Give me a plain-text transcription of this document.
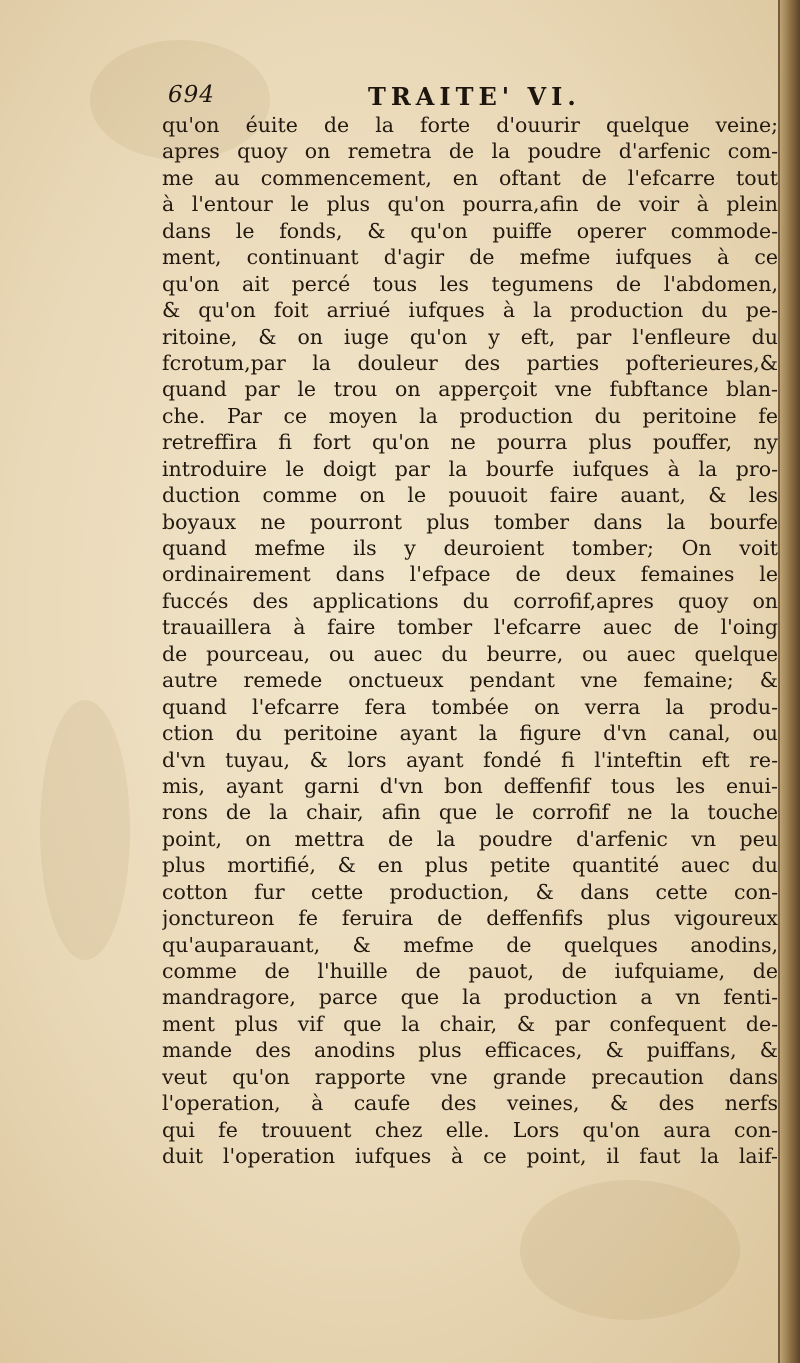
694	TRAITE' VI.
qu'on éuite de la forte d'ouurir quelque veine;
apres quoy on remetra de la poudre d'arfenic com-
me au commencement, en oftant de l'efcarre tout
à l'entour le plus qu'on pourra,afin de voir à plein
dans le fonds, & qu'on puiffe operer commode-
ment, continuant d'agir de mefme iufques à ce
qu'on ait percé tous les tegumens de l'abdomen,
& qu'on foit arriué iufques à la production du pe-
ritoine, & on iuge qu'on y eft, par l'enfleure du
fcrotum,par la douleur des parties pofterieures,&
quand par le trou on apperçoit vne fubftance blan-
che. Par ce moyen la production du peritoine fe
retreffira fi fort qu'on ne pourra plus pouffer, ny
introduire le doigt par la bourfe iufques à la pro-
duction comme on le pouuoit faire auant, & les
boyaux ne pourront plus tomber dans la bourfe
quand mefme ils y deuroient tomber; On voit
ordinairement dans l'efpace de deux femaines le
fuccés des applications du corrofif,apres quoy on
trauaillera à faire tomber l'efcarre auec de l'oing
de pourceau, ou auec du beurre, ou auec quelque
autre remede onctueux pendant vne femaine; &
quand l'efcarre fera tombée on verra la produ-
ction du peritoine ayant la figure d'vn canal, ou
d'vn tuyau, & lors ayant fondé fi l'inteftin eft re-
mis, ayant garni d'vn bon deffenfif tous les enui-
rons de la chair, afin que le corrofif ne la touche
point, on mettra de la poudre d'arfenic vn peu
plus mortifié, & en plus petite quantité auec du
cotton fur cette production, & dans cette con-
jonctureon fe feruira de deffenfifs plus vigoureux
qu'auparauant, & mefme de quelques anodins,
comme de l'huille de pauot, de iufquiame, de
mandragore, parce que la production a vn fenti-
ment plus vif que la chair, & par confequent de-
mande des anodins plus efficaces, & puiffans, &
veut qu'on rapporte vne grande precaution dans
l'operation, à caufe des veines, & des nerfs
qui fe trouuent chez elle. Lors qu'on aura con-
duit l'operation iufques à ce point, il faut la laif-
